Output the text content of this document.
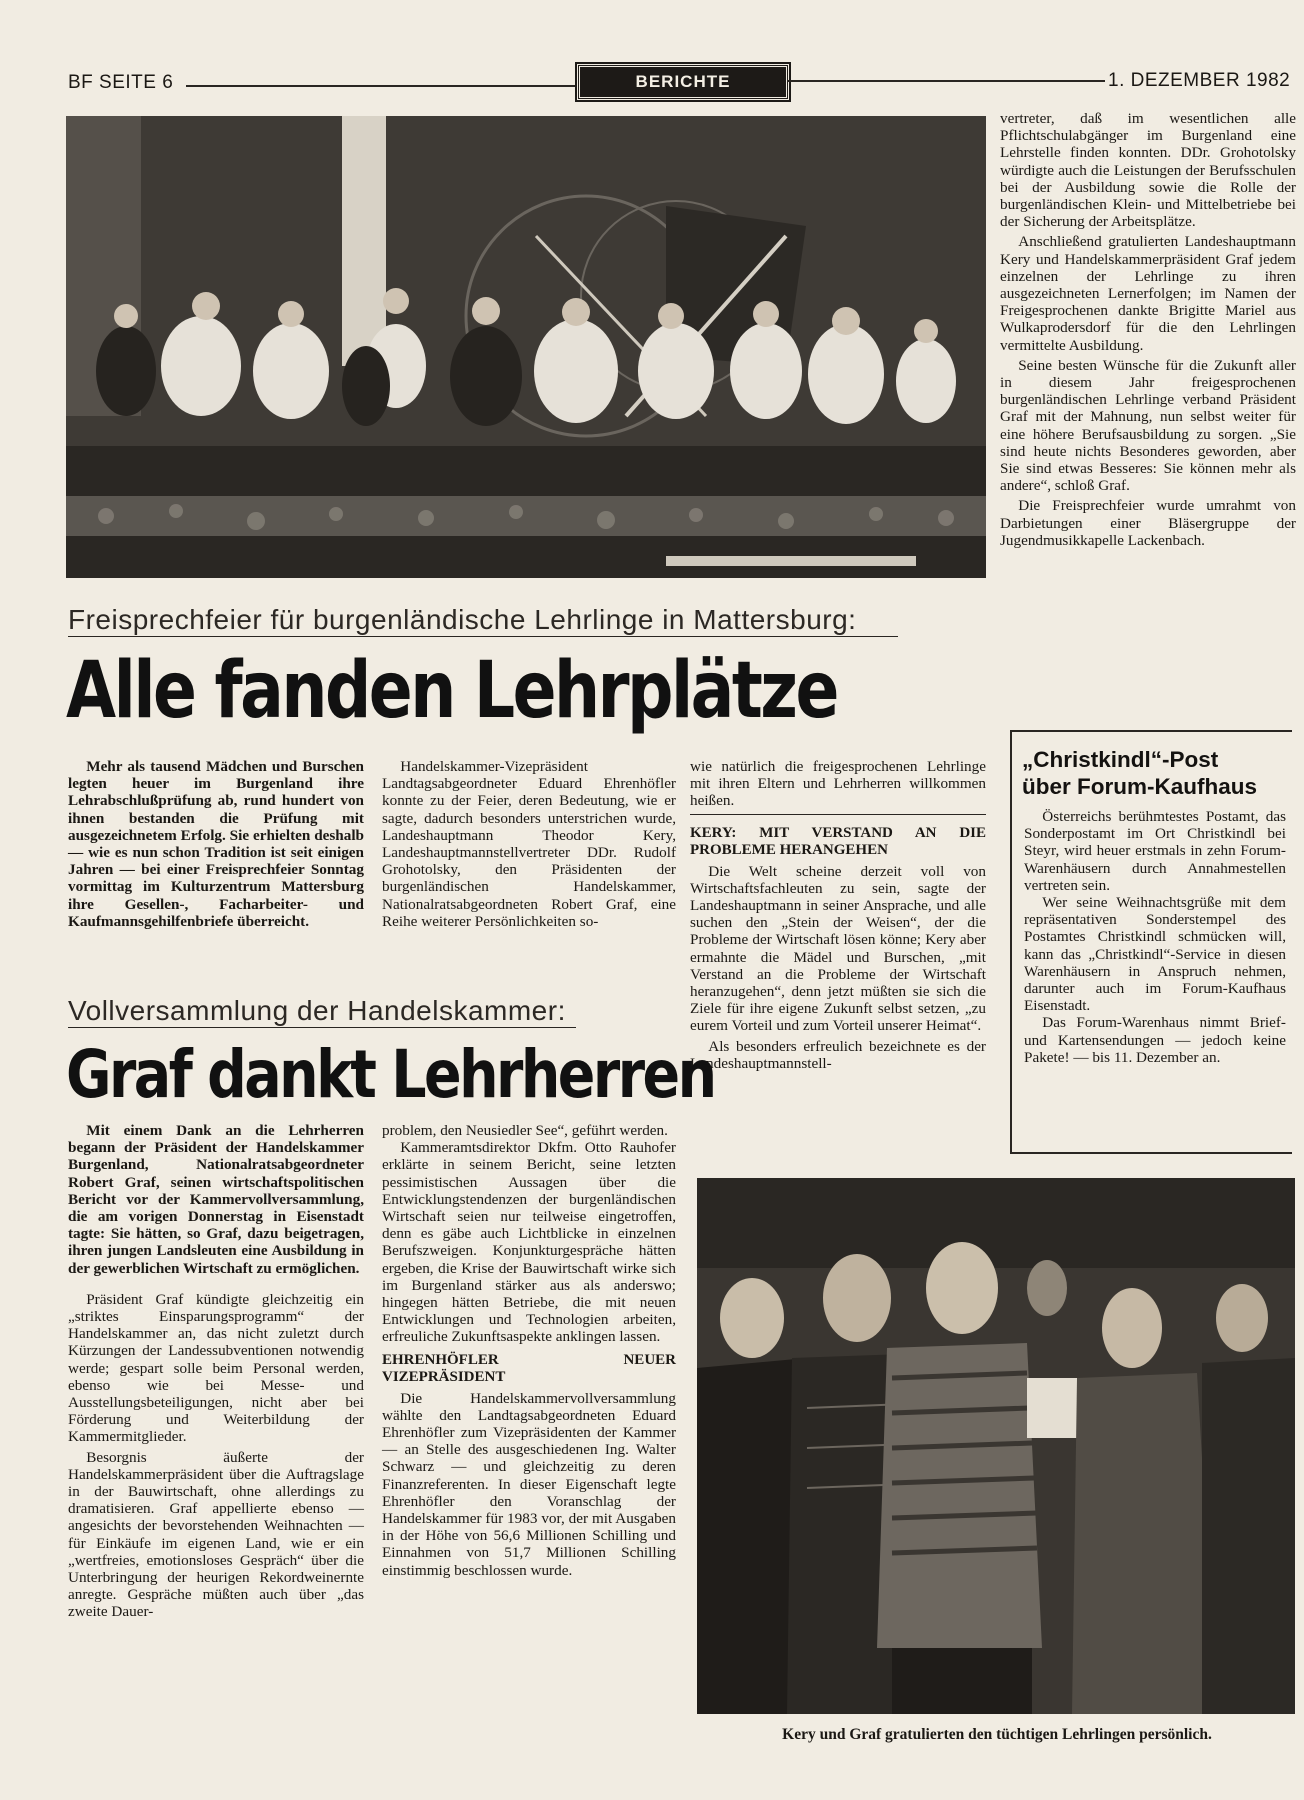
BF SEITE 6	BERICHTE	1. DEZEMBER 1982
Freisprechfeier für burgenländische Lehrlinge in Mattersburg:
Alle fanden Lehrplätze

Mehr als tausend Mädchen und Burschen legten heuer im Burgenland ihre Lehrabschlußprüfung ab, rund hundert von ihnen bestanden die Prüfung mit ausgezeichnetem Erfolg. Sie erhielten deshalb — wie es nun schon Tradition ist seit einigen Jahren — bei einer Freisprechfeier Sonntag vormittag im Kulturzentrum Mattersburg ihre Gesellen-, Facharbeiter- und Kaufmannsgehilfenbriefe überreicht.

Handelskammer-Vizepräsident Landtagsabgeordneter Eduard Ehrenhöfler konnte zu der Feier, deren Bedeutung, wie er sagte, dadurch besonders unterstrichen wurde, Landeshauptmann Theodor Kery, Landeshauptmannstellvertreter DDr. Rudolf Grohotolsky, den Präsidenten der burgenländischen Handelskammer, Nationalratsabgeordneten Robert Graf, eine Reihe weiterer Persönlichkeiten so-

wie natürlich die freigesprochenen Lehrlinge mit ihren Eltern und Lehrherren willkommen heißen.

KERY: MIT VERSTAND AN DIE PROBLEME HERANGEHEN

Die Welt scheine derzeit voll von Wirtschaftsfachleuten zu sein, sagte der Landeshauptmann in seiner Ansprache, und alle suchen den „Stein der Weisen“, der die Probleme der Wirtschaft lösen könne; Kery aber ermahnte die Mädel und Burschen, „mit Verstand an die Probleme der Wirtschaft heranzugehen“, denn jetzt müßten sie sich die Ziele für ihre eigene Zukunft selbst setzen, „zu eurem Vorteil und zum Vorteil unserer Heimat“.

Als besonders erfreulich bezeichnete es der Landeshauptmannstell-

vertreter, daß im wesentlichen alle Pflichtschulabgänger im Burgenland eine Lehrstelle finden konnten. DDr. Grohotolsky würdigte auch die Leistungen der Berufsschulen bei der Ausbildung sowie die Rolle der burgenländischen Klein- und Mittelbetriebe bei der Sicherung der Arbeitsplätze.

Anschließend gratulierten Landeshauptmann Kery und Handelskammerpräsident Graf jedem einzelnen der Lehrlinge zu ihren ausgezeichneten Lernerfolgen; im Namen der Freigesprochenen dankte Brigitte Mariel aus Wulkaprodersdorf für die den Lehrlingen vermittelte Ausbildung.

Seine besten Wünsche für die Zukunft aller in diesem Jahr freigesprochenen burgenländischen Lehrlinge verband Präsident Graf mit der Mahnung, nun selbst weiter für eine höhere Berufsausbildung zu sorgen. „Sie sind heute nichts Besonderes geworden, aber Sie sind etwas Besseres: Sie können mehr als andere“, schloß Graf.

Die Freisprechfeier wurde umrahmt von Darbietungen einer Bläsergruppe der Jugendmusikkapelle Lackenbach.

„Christkindl“-Post
über Forum-Kaufhaus

Österreichs berühmtestes Postamt, das Sonderpostamt im Ort Christkindl bei Steyr, wird heuer erstmals in zehn Forum-Warenhäusern durch Annahmestellen vertreten sein.

Wer seine Weihnachtsgrüße mit dem repräsentativen Sonderstempel des Postamtes Christkindl schmücken will, kann das „Christkindl“-Service in diesen Warenhäusern in Anspruch nehmen, darunter auch im Forum-Kaufhaus Eisenstadt.

Das Forum-Warenhaus nimmt Brief- und Kartensendungen — jedoch keine Pakete! — bis 11. Dezember an.

Vollversammlung der Handelskammer:
Graf dankt Lehrherren

Mit einem Dank an die Lehrherren begann der Präsident der Handelskammer Burgenland, Nationalratsabgeordneter Robert Graf, seinen wirtschaftspolitischen Bericht vor der Kammervollversammlung, die am vorigen Donnerstag in Eisenstadt tagte: Sie hätten, so Graf, dazu beigetragen, ihren jungen Landsleuten eine Ausbildung in der gewerblichen Wirtschaft zu ermöglichen.

Präsident Graf kündigte gleichzeitig ein „striktes Einsparungsprogramm“ der Handelskammer an, das nicht zuletzt durch Kürzungen der Landessubventionen notwendig werde; gespart solle beim Personal werden, ebenso wie bei Messe- und Ausstellungsbeteiligungen, nicht aber bei Förderung und Weiterbildung der Kammermitglieder.

Besorgnis äußerte der Handelskammerpräsident über die Auftragslage in der Bauwirtschaft, ohne allerdings zu dramatisieren. Graf appellierte ebenso — angesichts der bevorstehenden Weihnachten — für Einkäufe im eigenen Land, wie er ein „wertfreies, emotionsloses Gespräch“ über die Unterbringung der heurigen Rekordweinernte anregte. Gespräche müßten auch über „das zweite Dauer-

problem, den Neusiedler See“, geführt werden.

Kammeramtsdirektor Dkfm. Otto Rauhofer erklärte in seinem Bericht, seine letzten pessimistischen Aussagen über die Entwicklungstendenzen der burgenländischen Wirtschaft seien nur teilweise eingetroffen, denn es gäbe auch Lichtblicke in einzelnen Berufszweigen. Konjunkturgespräche hätten ergeben, die Krise der Bauwirtschaft wirke sich im Burgenland stärker aus als anderswo; hingegen hätten Betriebe, die mit neuen Entwicklungen und Technologien arbeiten, erfreuliche Zukunftsaspekte anklingen lassen.

EHRENHÖFLER NEUER VIZEPRÄSIDENT

Die Handelskammervollversammlung wählte den Landtagsabgeordneten Eduard Ehrenhöfler zum Vizepräsidenten der Kammer — an Stelle des ausgeschiedenen Ing. Walter Schwarz — und gleichzeitig zu deren Finanzreferenten. In dieser Eigenschaft legte Ehrenhöfler den Voranschlag der Handelskammer für 1983 vor, der mit Ausgaben in der Höhe von 56,6 Millionen Schilling und Einnahmen von 51,7 Millionen Schilling einstimmig beschlossen wurde.

Kery und Graf gratulierten den tüchtigen Lehrlingen persönlich.
